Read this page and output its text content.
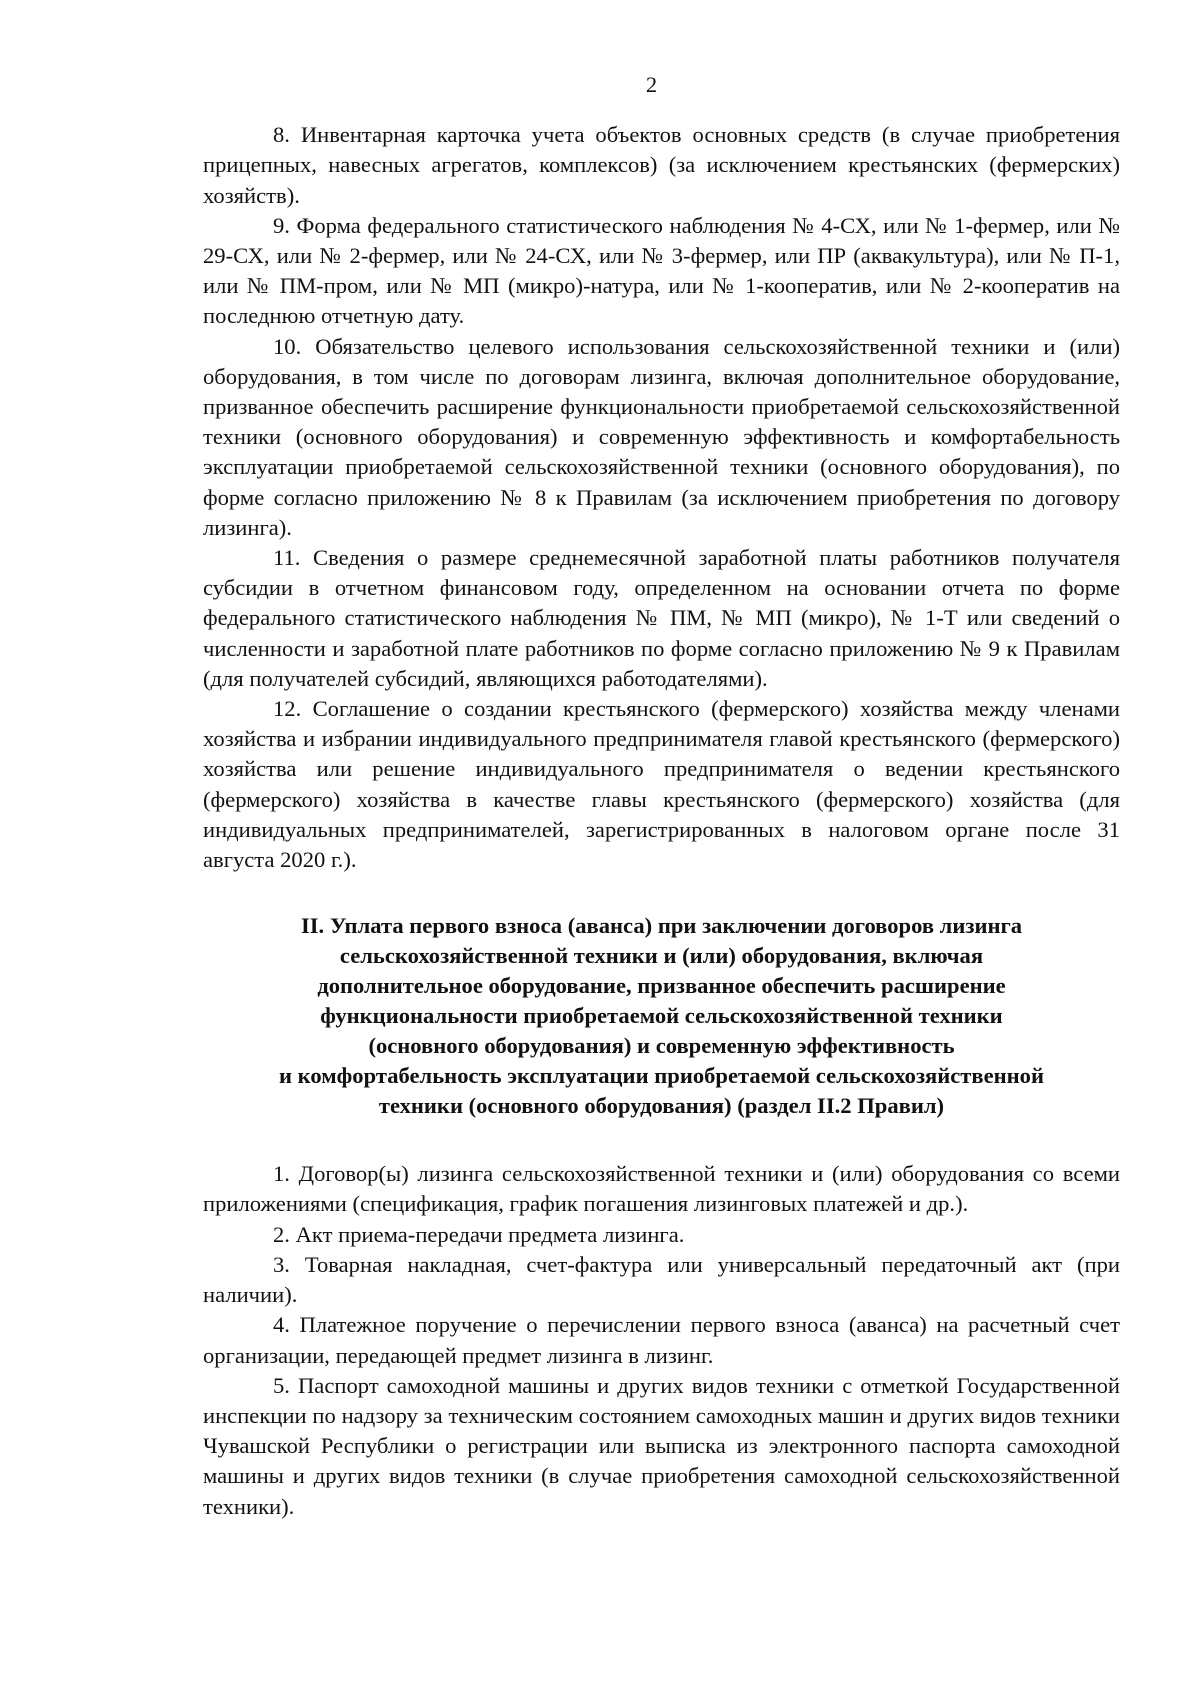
2

8. Инвентарная карточка учета объектов основных средств (в случае приобретения прицепных, навесных агрегатов, комплексов) (за исключением крестьянских (фермерских) хозяйств).

9. Форма федерального статистического наблюдения № 4-СХ, или № 1-фермер, или № 29-СХ, или № 2-фермер, или № 24-СХ, или № 3-фермер, или ПР (аквакультура), или № П-1, или № ПМ-пром, или № МП (микро)-натура, или № 1-кооператив, или № 2-кооператив на последнюю отчетную дату.

10. Обязательство целевого использования сельскохозяйственной техники и (или) оборудования, в том числе по договорам лизинга, включая дополнительное оборудование, призванное обеспечить расширение функциональности приобретаемой сельскохозяйственной техники (основного оборудования) и современную эффективность и комфортабельность эксплуатации приобретаемой сельскохозяйственной техники (основного оборудования), по форме согласно приложению № 8 к Правилам (за исключением приобретения по договору лизинга).

11. Сведения о размере среднемесячной заработной платы работников получателя субсидии в отчетном финансовом году, определенном на основании отчета по форме федерального статистического наблюдения № ПМ, № МП (микро), № 1-Т или сведений о численности и заработной плате работников по форме согласно приложению № 9 к Правилам (для получателей субсидий, являющихся работодателями).

12. Соглашение о создании крестьянского (фермерского) хозяйства между членами хозяйства и избрании индивидуального предпринимателя главой крестьянского (фермерского) хозяйства или решение индивидуального предпринимателя о ведении крестьянского (фермерского) хозяйства в качестве главы крестьянского (фермерского) хозяйства (для индивидуальных предпринимателей, зарегистрированных в налоговом органе после 31 августа 2020 г.).

II. Уплата первого взноса (аванса) при заключении договоров лизинга
сельскохозяйственной техники и (или) оборудования, включая
дополнительное оборудование, призванное обеспечить расширение
функциональности приобретаемой сельскохозяйственной техники
(основного оборудования) и современную эффективность
и комфортабельность эксплуатации приобретаемой сельскохозяйственной
техники (основного оборудования) (раздел II.2 Правил)

1. Договор(ы) лизинга сельскохозяйственной техники и (или) оборудования со всеми приложениями (спецификация, график погашения лизинговых платежей и др.).

2. Акт приема-передачи предмета лизинга.

3. Товарная накладная, счет-фактура или универсальный передаточный акт (при наличии).

4. Платежное поручение о перечислении первого взноса (аванса) на расчетный счет организации, передающей предмет лизинга в лизинг.

5. Паспорт самоходной машины и других видов техники с отметкой Государственной инспекции по надзору за техническим состоянием самоходных машин и других видов техники Чувашской Республики о регистрации или выписка из электронного паспорта самоходной машины и других видов техники (в случае приобретения самоходной сельскохозяйственной техники).
